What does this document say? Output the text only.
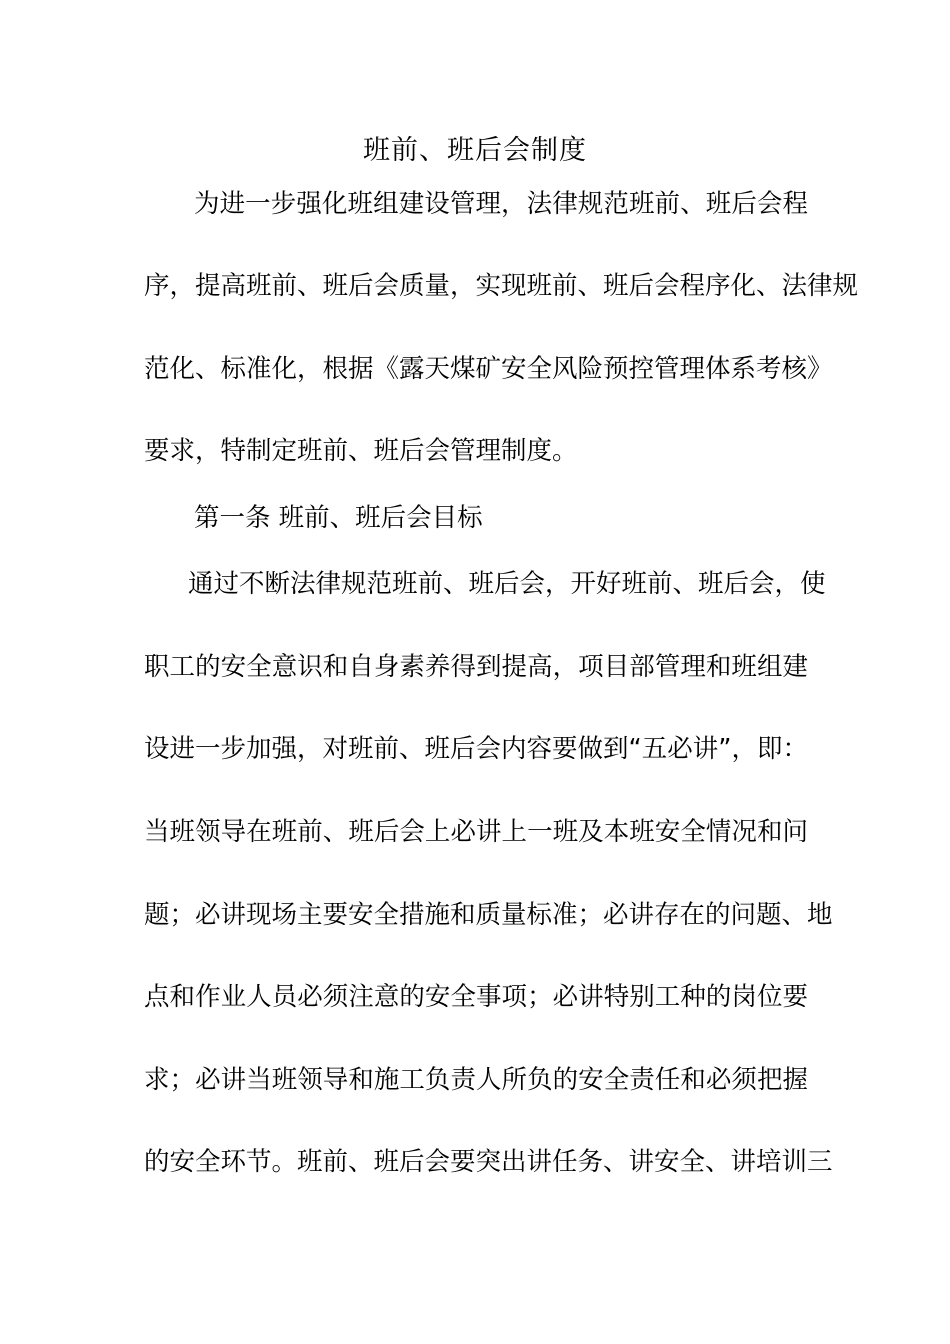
班前、班后会制度
为进一步强化班组建设管理，法律规范班前、班后会程
序，提高班前、班后会质量，实现班前、班后会程序化、法律规
范化、标准化，根据《露天煤矿安全风险预控管理体系考核》
要求，特制定班前、班后会管理制度。
第一条 班前、班后会目标
通过不断法律规范班前、班后会，开好班前、班后会，使
职工的安全意识和自身素养得到提高，项目部管理和班组建
设进一步加强，对班前、班后会内容要做到“五必讲”，即：
当班领导在班前、班后会上必讲上一班及本班安全情况和问
题；必讲现场主要安全措施和质量标准；必讲存在的问题、地
点和作业人员必须注意的安全事项；必讲特别工种的岗位要
求；必讲当班领导和施工负责人所负的安全责任和必须把握
的安全环节。班前、班后会要突出讲任务、讲安全、讲培训三
